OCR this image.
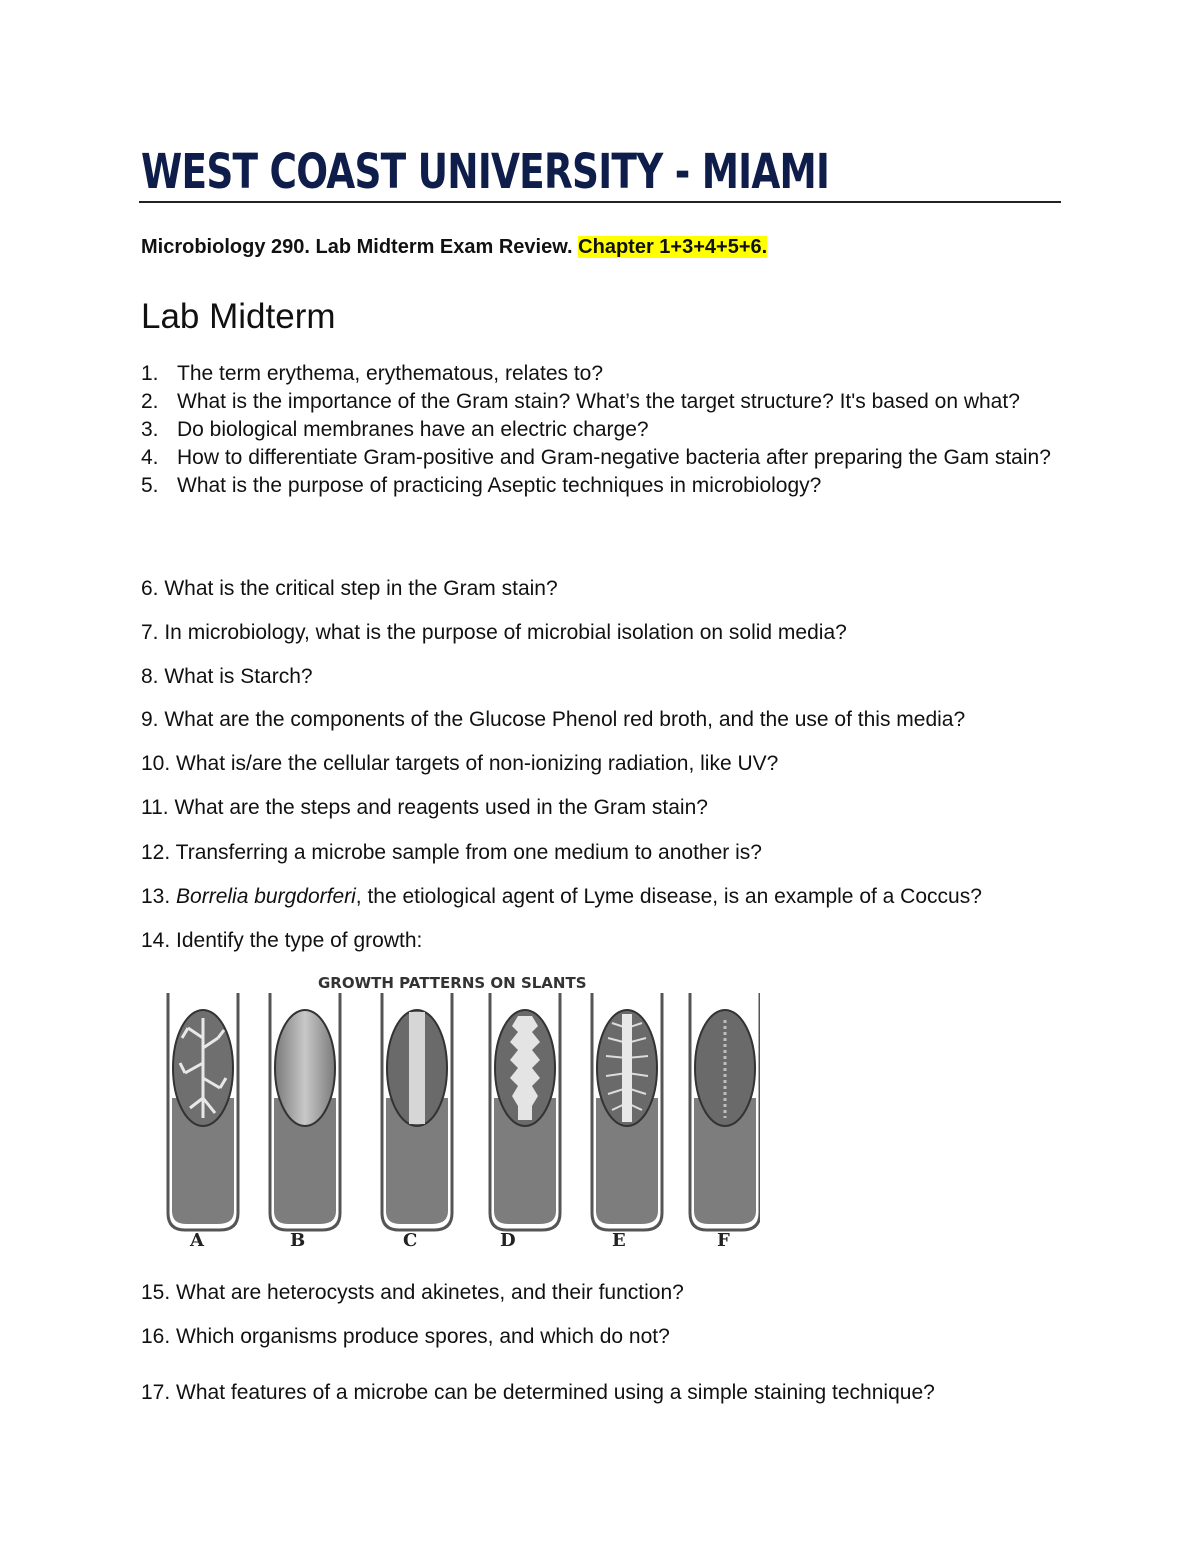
WEST COAST UNIVERSITY - MIAMI

Microbiology 290. Lab Midterm Exam Review. Chapter 1+3+4+5+6.

Lab Midterm
1. The term erythema, erythematous, relates to?
2. What is the importance of the Gram stain? What’s the target structure? It's based on what?
3. Do biological membranes have an electric charge?
4. How to differentiate Gram-positive and Gram-negative bacteria after preparing the Gam stain?
5. What is the purpose of practicing Aseptic techniques in microbiology?

6. What is the critical step in the Gram stain?

7. In microbiology, what is the purpose of microbial isolation on solid media?

8. What is Starch?

9. What are the components of the Glucose Phenol red broth, and the use of this media?

10. What is/are the cellular targets of non-ionizing radiation, like UV?

11. What are the steps and reagents used in the Gram stain?

12. Transferring a microbe sample from one medium to another is?

13. Borrelia burgdorferi, the etiological agent of Lyme disease, is an example of a Coccus?

14. Identify the type of growth:

GROWTH PATTERNS ON SLANTS
A	B	C	D	E	F

15. What are heterocysts and akinetes, and their function?

16. Which organisms produce spores, and which do not?

17. What features of a microbe can be determined using a simple staining technique?
